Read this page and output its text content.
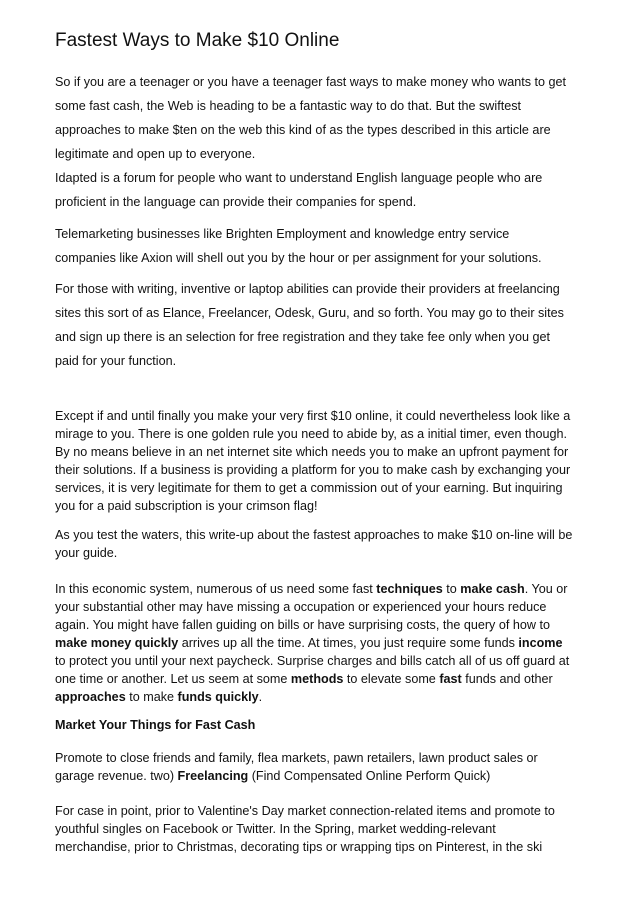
Fastest Ways to Make $10 Online

So if you are a teenager or you have a teenager fast ways to make money who wants to get
some fast cash, the Web is heading to be a fantastic way to do that. But the swiftest
approaches to make $ten on the web this kind of as the types described in this article are
legitimate and open up to everyone.

Idapted is a forum for people who want to understand English language people who are
proficient in the language can provide their companies for spend.

Telemarketing businesses like Brighten Employment and knowledge entry service
companies like Axion will shell out you by the hour or per assignment for your solutions.

For those with writing, inventive or laptop abilities can provide their providers at freelancing
sites this sort of as Elance, Freelancer, Odesk, Guru, and so forth. You may go to their sites
and sign up there is an selection for free registration and they take fee only when you get
paid for your function.

Except if and until finally you make your very first $10 online, it could nevertheless look like a
mirage to you. There is one golden rule you need to abide by, as a initial timer, even though.
By no means believe in an net internet site which needs you to make an upfront payment for
their solutions. If a business is providing a platform for you to make cash by exchanging your
services, it is very legitimate for them to get a commission out of your earning. But inquiring
you for a paid subscription is your crimson flag!

As you test the waters, this write-up about the fastest approaches to make $10 on-line will be
your guide.

In this economic system, numerous of us need some fast techniques to make cash. You or
your substantial other may have missing a occupation or experienced your hours reduce
again. You might have fallen guiding on bills or have surprising costs, the query of how to
make money quickly arrives up all the time. At times, you just require some funds income
to protect you until your next paycheck. Surprise charges and bills catch all of us off guard at
one time or another. Let us seem at some methods to elevate some fast funds and other
approaches to make funds quickly.

Market Your Things for Fast Cash

Promote to close friends and family, flea markets, pawn retailers, lawn product sales or
garage revenue. two) Freelancing (Find Compensated Online Perform Quick)

For case in point, prior to Valentine's Day market connection-related items and promote to
youthful singles on Facebook or Twitter. In the Spring, market wedding-relevant
merchandise, prior to Christmas, decorating tips or wrapping tips on Pinterest, in the ski
